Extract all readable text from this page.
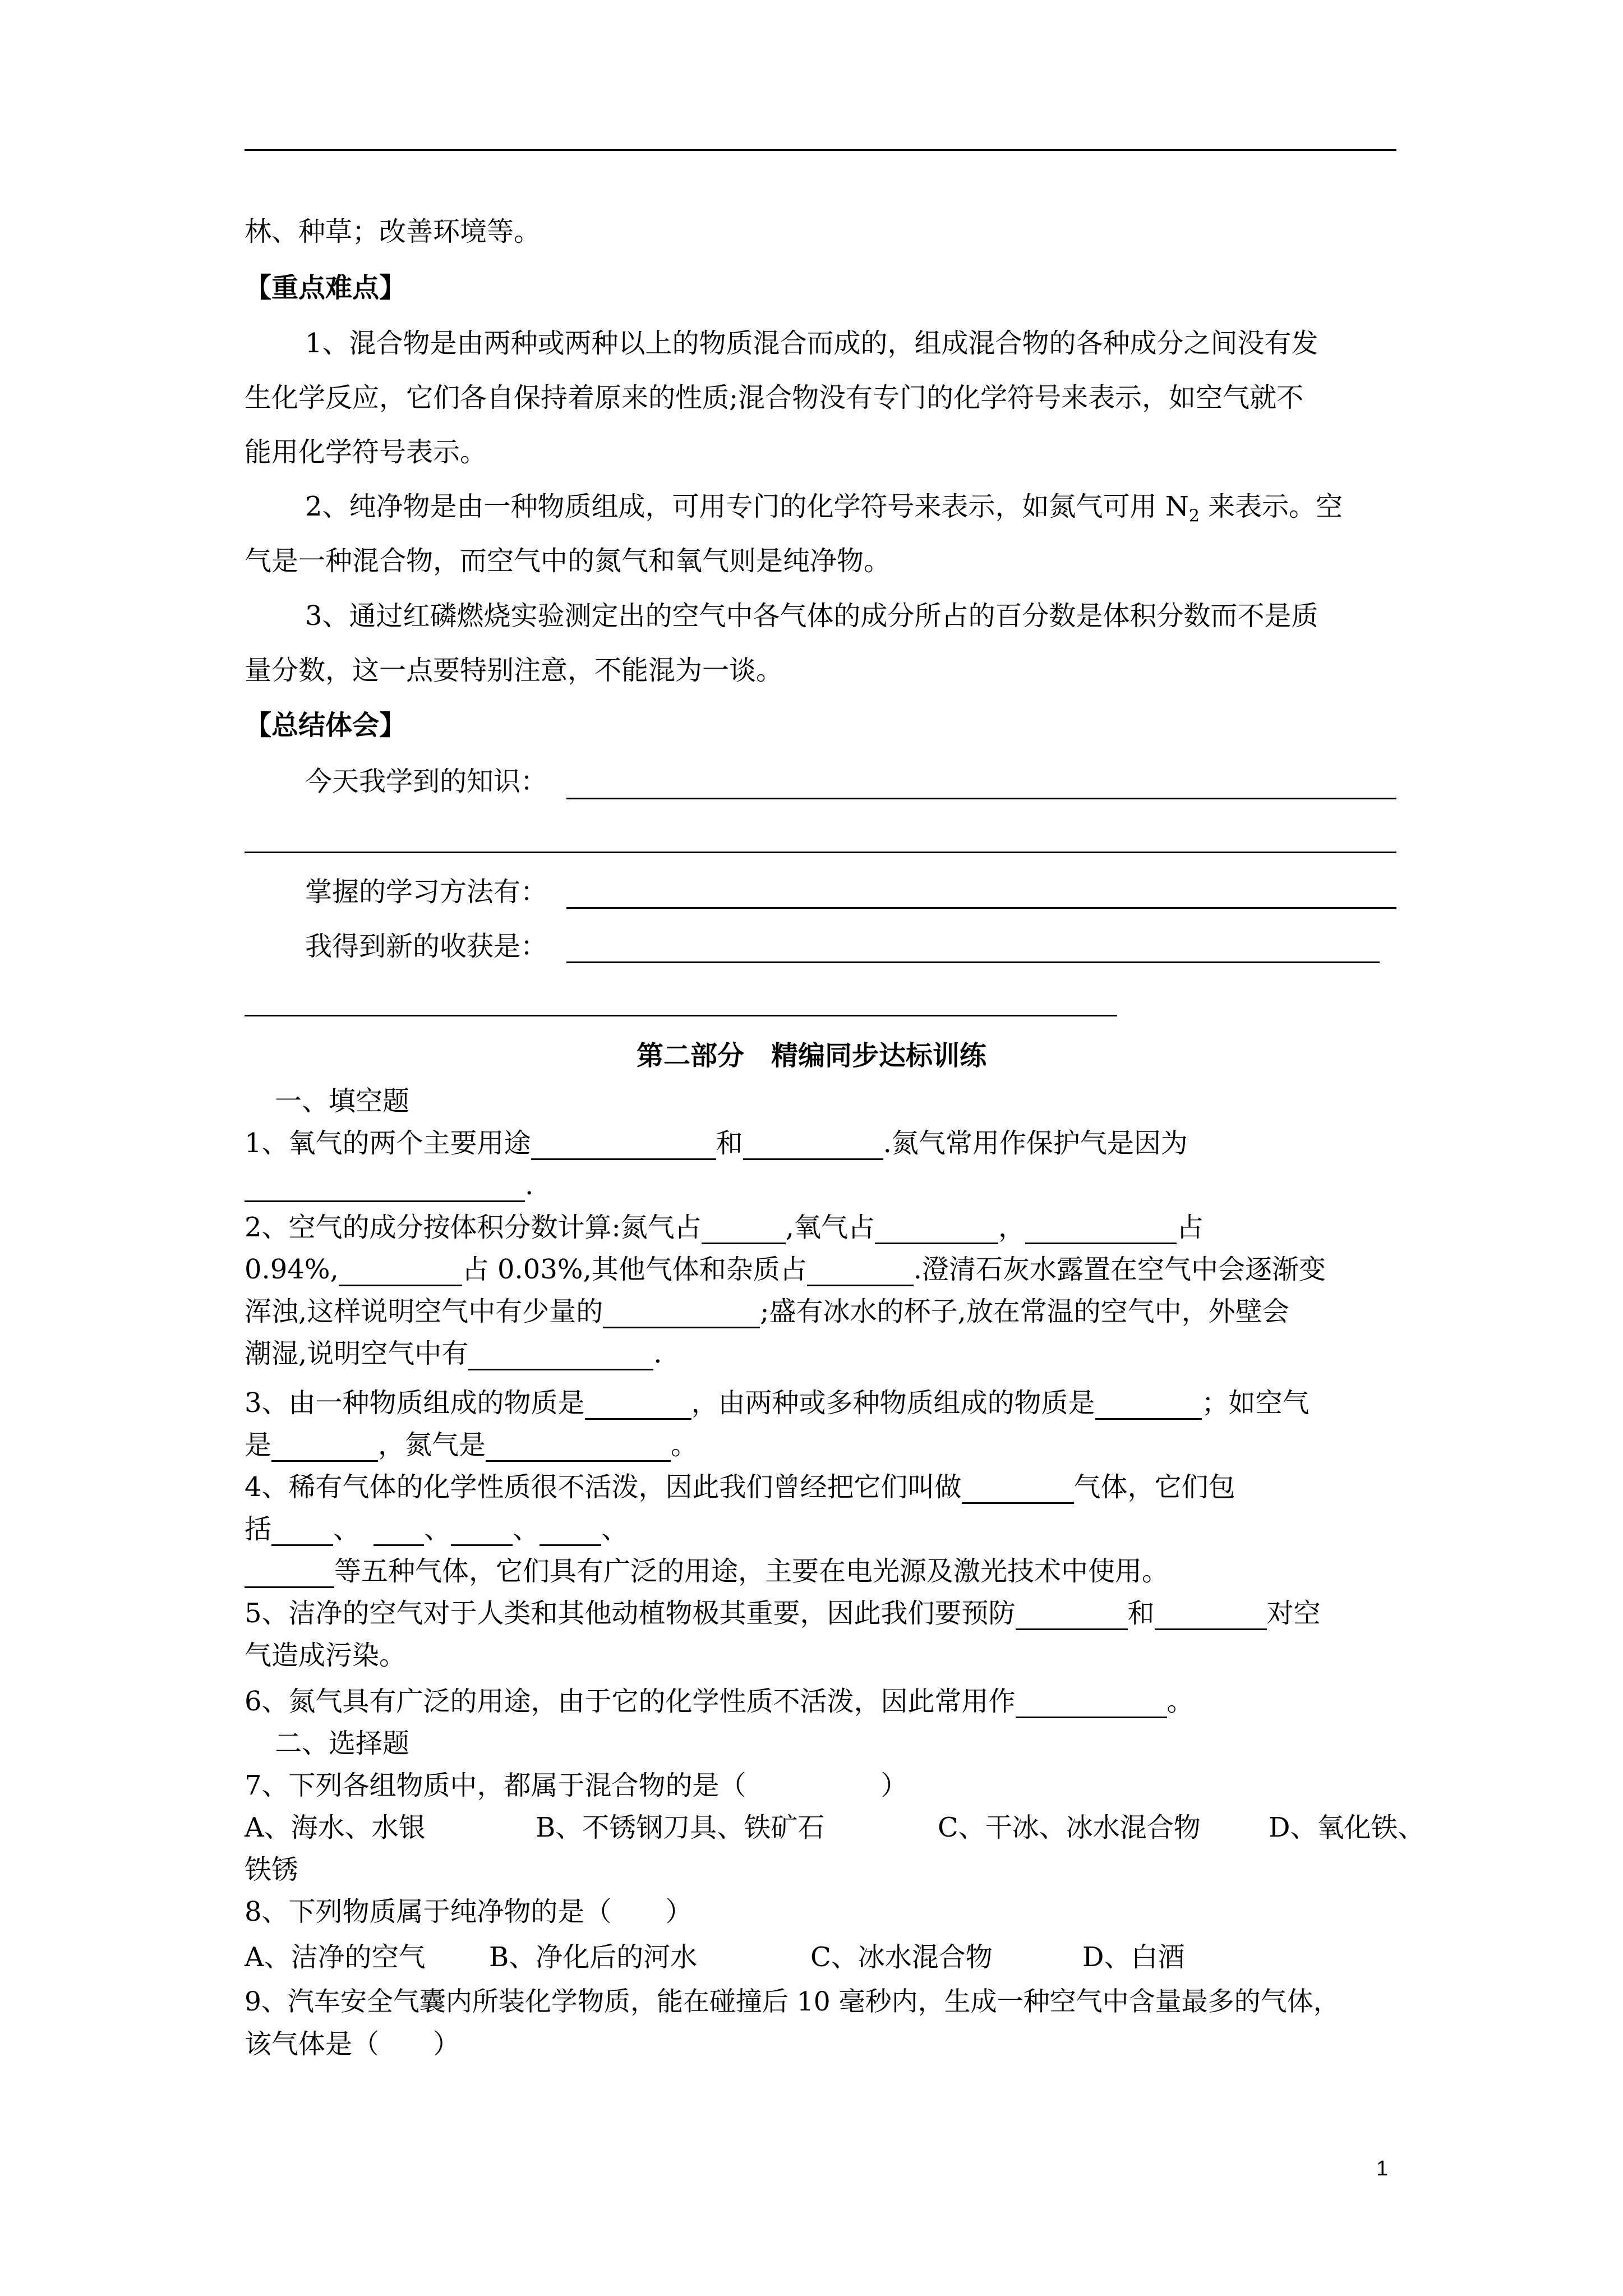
林、种草；改善环境等。
【重点难点】
1、混合物是由两种或两种以上的物质混合而成的，组成混合物的各种成分之间没有发
生化学反应，它们各自保持着原来的性质;混合物没有专门的化学符号来表示，如空气就不
能用化学符号表示。
2、纯净物是由一种物质组成，可用专门的化学符号来表示，如氮气可用 $N_2$ 来表示。空
气是一种混合物，而空气中的氮气和氧气则是纯净物。
3、通过红磷燃烧实验测定出的空气中各气体的成分所占的百分数是体积分数而不是质
量分数，这一点要特别注意，不能混为一谈。
【总结体会】
今天我学到的知识：
掌握的学习方法有：
我得到新的收获是：
第二部分　精编同步达标训练
一、填空题
1、氧气的两个主要用途	和	.氮气常用作保护气是因为
.
2、空气的成分按体积分数计算:氮气占	,氧气占	，	占
0.94%,	占 0.03%,其他气体和杂质占	.澄清石灰水露置在空气中会逐渐变
浑浊,这样说明空气中有少量的	;盛有冰水的杯子,放在常温的空气中，外壁会
潮湿,说明空气中有	.
3、由一种物质组成的物质是	，由两种或多种物质组成的物质是	；如空气
是	，氮气是	。
4、稀有气体的化学性质很不活泼，因此我们曾经把它们叫做	气体，它们包
括 、 、 、 、
等五种气体，它们具有广泛的用途，主要在电光源及激光技术中使用。
5、洁净的空气对于人类和其他动植物极其重要，因此我们要预防	和	对空
气造成污染。
6、氮气具有广泛的用途，由于它的化学性质不活泼，因此常用作	。
二、选择题
7、下列各组物质中，都属于混合物的是（　　　　　）
A、海水、水银	B、不锈钢刀具、铁矿石	C、干冰、冰水混合物	D、氧化铁、
铁锈
8、下列物质属于纯净物的是（　　）
A、洁净的空气 B、净化后的河水	C、冰水混合物	D、白酒
9、汽车安全气囊内所装化学物质，能在碰撞后 10 毫秒内，生成一种空气中含量最多的气体，
该气体是（　　）
1
